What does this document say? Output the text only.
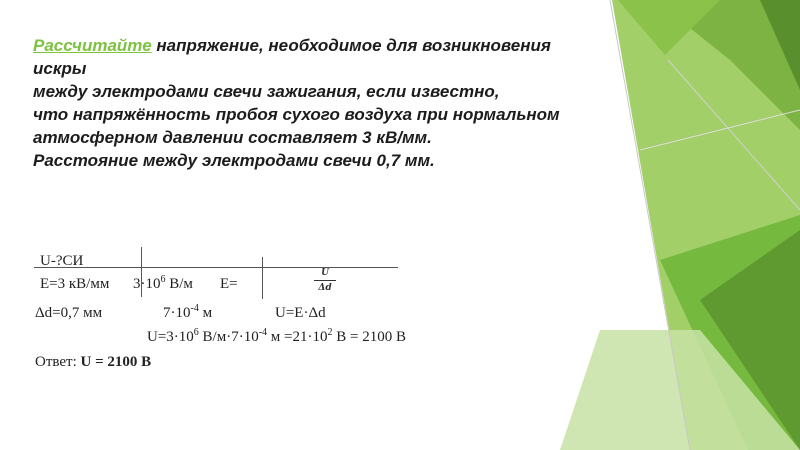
Рассчитайте напряжение, необходимое для возникновения
искры
между электродами свечи зажигания, если известно,
что напряжённость пробоя сухого воздуха при нормальном
атмосферном давлении составляет 3 кВ/мм.
Расстояние между электродами свечи 0,7 мм.
U-?СИ
E=3 кВ/мм $3\cdot 10^6$ В/м E=
U
Δd
Δd=0,7 мм	$7\cdot 10^{-4}$ м	U=E·Δd
$U=3\cdot 10^6$ $В/м\cdot 7\cdot 10^{-4}$ $м =21\cdot 10^2$ В = 2100 В
Ответ: U = 2100 В
